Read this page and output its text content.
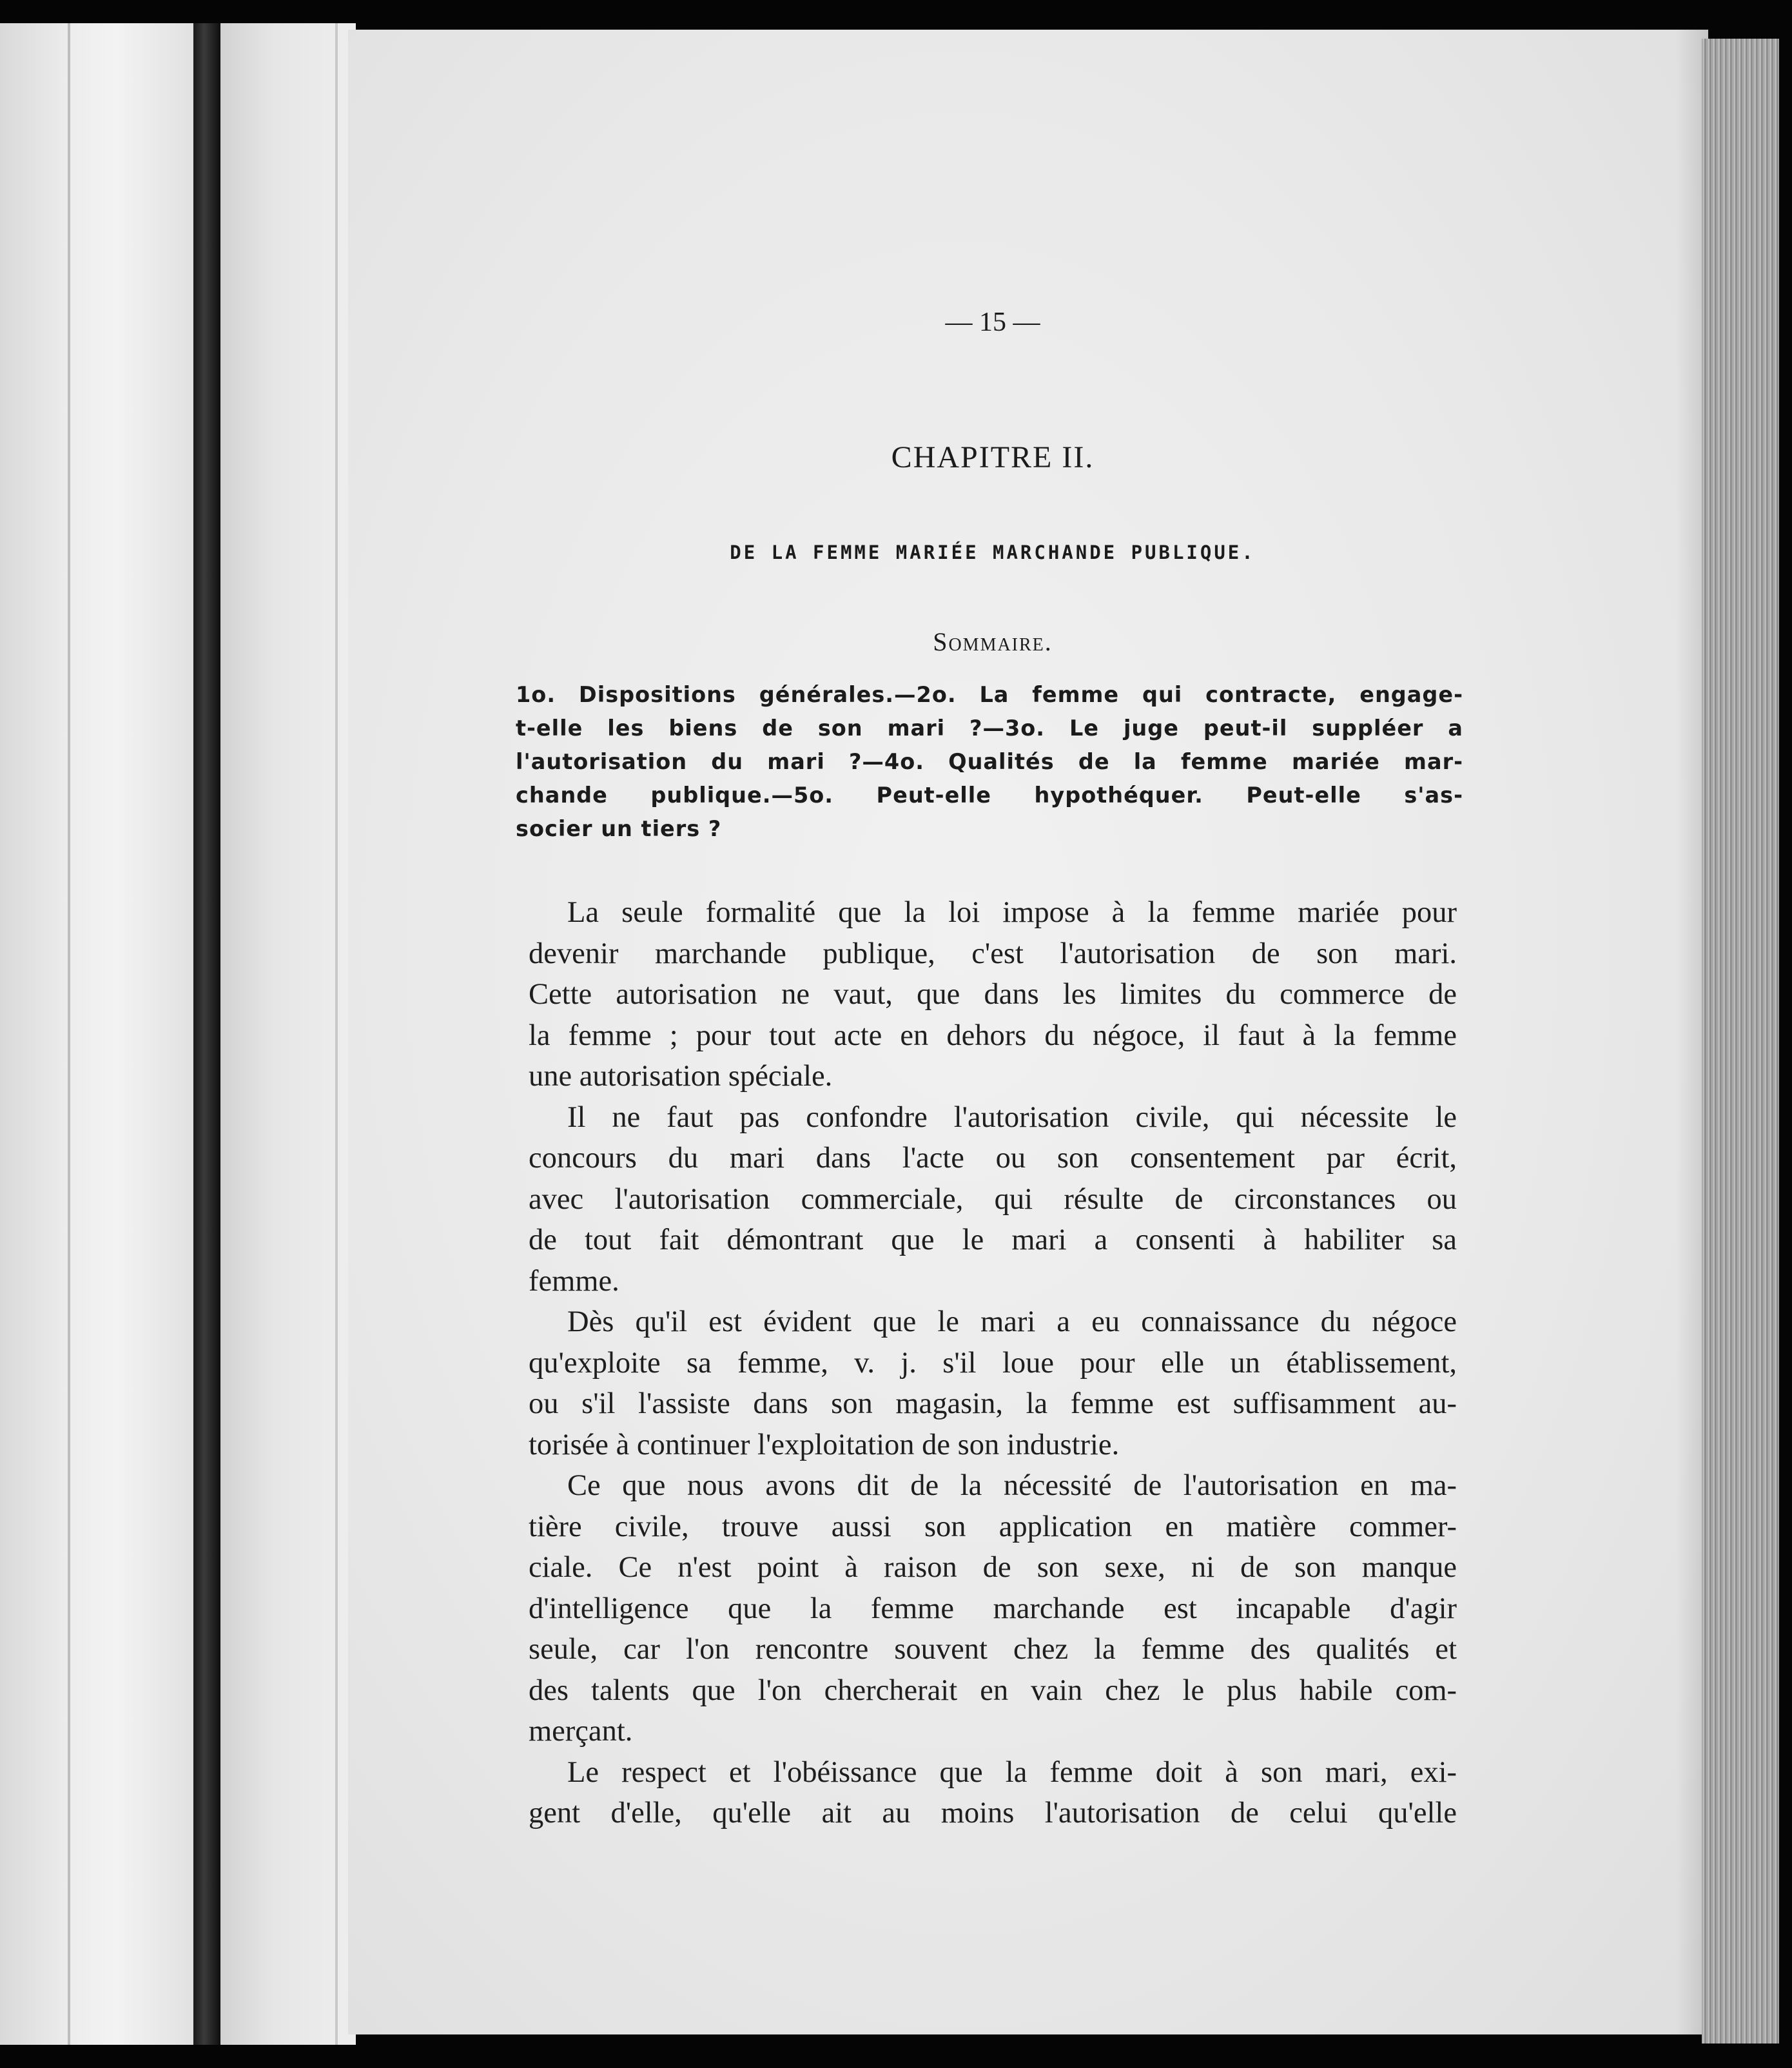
— 15 —
CHAPITRE II.
DE LA FEMME MARIÉE MARCHANDE PUBLIQUE.
Sommaire.
1o. Dispositions générales.—2o. La femme qui contracte, engage-
t-elle les biens de son mari ?—3o. Le juge peut-il suppléer a
l'autorisation du mari ?—4o. Qualités de la femme mariée mar-
chande publique.—5o. Peut-elle hypothéquer. Peut-elle s'as-
socier un tiers ?
La seule formalité que la loi impose à la femme mariée pour
devenir marchande publique, c'est l'autorisation de son mari.
Cette autorisation ne vaut, que dans les limites du commerce de
la femme ; pour tout acte en dehors du négoce, il faut à la femme
une autorisation spéciale.
Il ne faut pas confondre l'autorisation civile, qui nécessite le
concours du mari dans l'acte ou son consentement par écrit,
avec l'autorisation commerciale, qui résulte de circonstances ou
de tout fait démontrant que le mari a consenti à habiliter sa
femme.
Dès qu'il est évident que le mari a eu connaissance du négoce
qu'exploite sa femme, v. j. s'il loue pour elle un établissement,
ou s'il l'assiste dans son magasin, la femme est suffisamment au-
torisée à continuer l'exploitation de son industrie.
Ce que nous avons dit de la nécessité de l'autorisation en ma-
tière civile, trouve aussi son application en matière commer-
ciale. Ce n'est point à raison de son sexe, ni de son manque
d'intelligence que la femme marchande est incapable d'agir
seule, car l'on rencontre souvent chez la femme des qualités et
des talents que l'on chercherait en vain chez le plus habile com-
merçant.
Le respect et l'obéissance que la femme doit à son mari, exi-
gent d'elle, qu'elle ait au moins l'autorisation de celui qu'elle
